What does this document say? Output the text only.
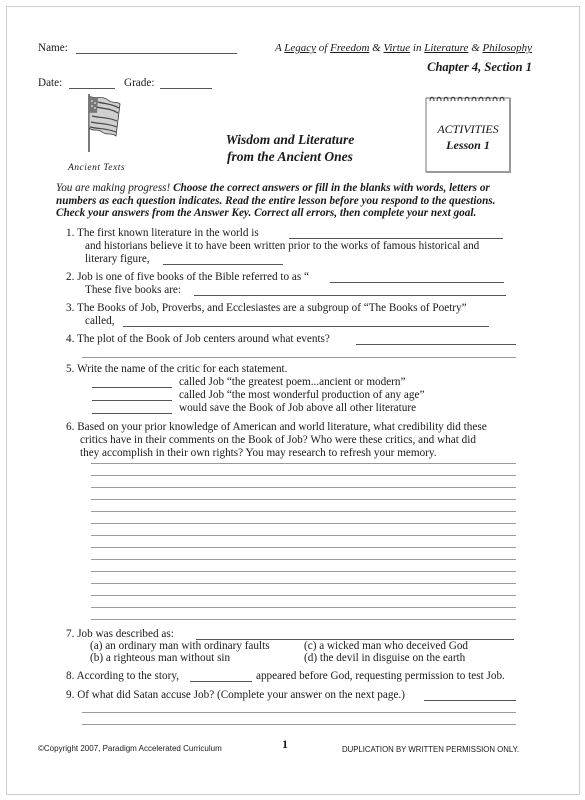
Name:
Date:	Grade:
A Legacy of Freedom & Virtue in Literature & Philosophy
Chapter 4, Section 1
Ancient Texts
Wisdom and Literature
from the Ancient Ones
ACTIVITIES
Lesson 1
You are making progress! Choose the correct answers or fill in the blanks with words, letters or numbers as each question indicates. Read the entire lesson before you respond to the questions. Check your answers from the Answer Key. Correct all errors, then complete your next goal.
1. The first known literature in the world is
and historians believe it to have been written prior to the works of famous historical and
literary figure,
2. Job is one of five books of the Bible referred to as “
These five books are:
3. The Books of Job, Proverbs, and Ecclesiastes are a subgroup of “The Books of Poetry”
called,
4. The plot of the Book of Job centers around what events?
5. Write the name of the critic for each statement.
called Job “the greatest poem...ancient or modern”
called Job “the most wonderful production of any age”
would save the Book of Job above all other literature
6. Based on your prior knowledge of American and world literature, what credibility did these
critics have in their comments on the Book of Job? Who were these critics, and what did
they accomplish in their own rights? You may research to refresh your memory.
7. Job was described as:
(a) an ordinary man with ordinary faults	(c) a wicked man who deceived God
(b) a righteous man without sin	(d) the devil in disguise on the earth
8. According to the story,	appeared before God, requesting permission to test Job.
9. Of what did Satan accuse Job? (Complete your answer on the next page.)
©Copyright 2007, Paradigm Accelerated Curriculum	1	DUPLICATION BY WRITTEN PERMISSION ONLY.
